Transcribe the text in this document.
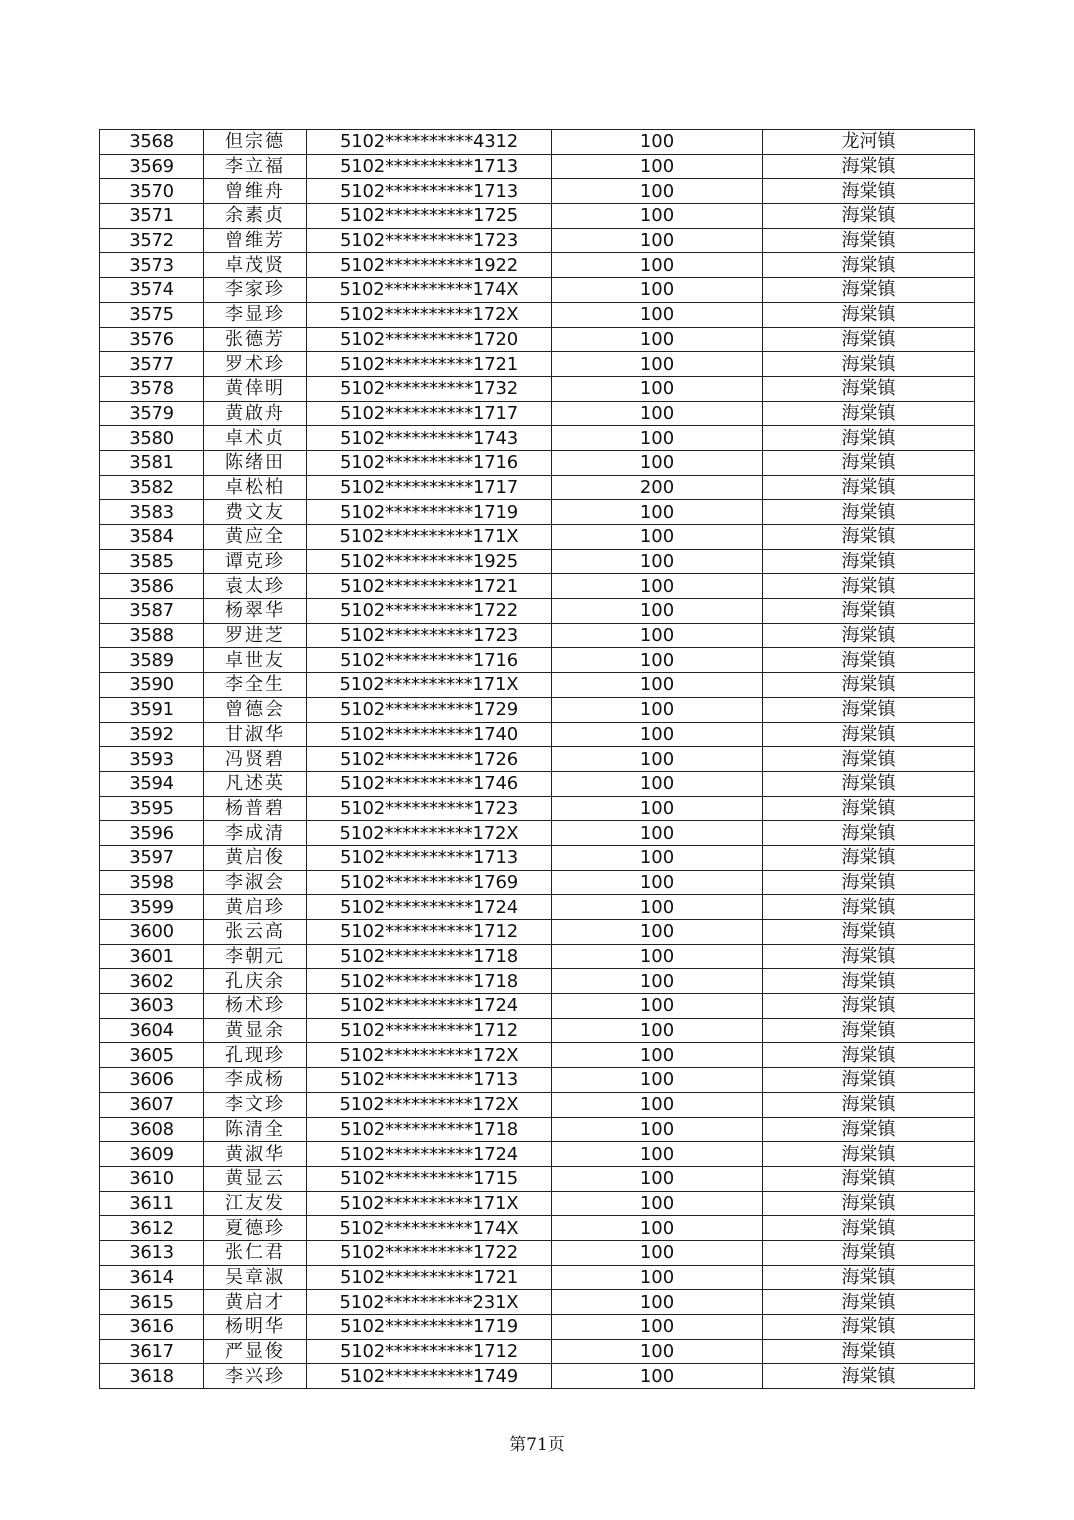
3568	但宗德	5102**********4312	100	龙河镇
3569	李立福	5102**********1713	100	海棠镇
3570	曾维舟	5102**********1713	100	海棠镇
3571	余素贞	5102**********1725	100	海棠镇
3572	曾维芳	5102**********1723	100	海棠镇
3573	卓茂贤	5102**********1922	100	海棠镇
3574	李家珍	5102**********174X	100	海棠镇
3575	李显珍	5102**********172X	100	海棠镇
3576	张德芳	5102**********1720	100	海棠镇
3577	罗术珍	5102**********1721	100	海棠镇
3578	黄倖明	5102**********1732	100	海棠镇
3579	黄啟舟	5102**********1717	100	海棠镇
3580	卓术贞	5102**********1743	100	海棠镇
3581	陈绪田	5102**********1716	100	海棠镇
3582	卓松柏	5102**********1717	200	海棠镇
3583	费文友	5102**********1719	100	海棠镇
3584	黄应全	5102**********171X	100	海棠镇
3585	谭克珍	5102**********1925	100	海棠镇
3586	袁太珍	5102**********1721	100	海棠镇
3587	杨翠华	5102**********1722	100	海棠镇
3588	罗进芝	5102**********1723	100	海棠镇
3589	卓世友	5102**********1716	100	海棠镇
3590	李全生	5102**********171X	100	海棠镇
3591	曾德会	5102**********1729	100	海棠镇
3592	甘淑华	5102**********1740	100	海棠镇
3593	冯贤碧	5102**********1726	100	海棠镇
3594	凡述英	5102**********1746	100	海棠镇
3595	杨普碧	5102**********1723	100	海棠镇
3596	李成清	5102**********172X	100	海棠镇
3597	黄启俊	5102**********1713	100	海棠镇
3598	李淑会	5102**********1769	100	海棠镇
3599	黄启珍	5102**********1724	100	海棠镇
3600	张云高	5102**********1712	100	海棠镇
3601	李朝元	5102**********1718	100	海棠镇
3602	孔庆余	5102**********1718	100	海棠镇
3603	杨术珍	5102**********1724	100	海棠镇
3604	黄显余	5102**********1712	100	海棠镇
3605	孔现珍	5102**********172X	100	海棠镇
3606	李成杨	5102**********1713	100	海棠镇
3607	李文珍	5102**********172X	100	海棠镇
3608	陈清全	5102**********1718	100	海棠镇
3609	黄淑华	5102**********1724	100	海棠镇
3610	黄显云	5102**********1715	100	海棠镇
3611	江友发	5102**********171X	100	海棠镇
3612	夏德珍	5102**********174X	100	海棠镇
3613	张仁君	5102**********1722	100	海棠镇
3614	吴章淑	5102**********1721	100	海棠镇
3615	黄启才	5102**********231X	100	海棠镇
3616	杨明华	5102**********1719	100	海棠镇
3617	严显俊	5102**********1712	100	海棠镇
3618	李兴珍	5102**********1749	100	海棠镇
第71页
